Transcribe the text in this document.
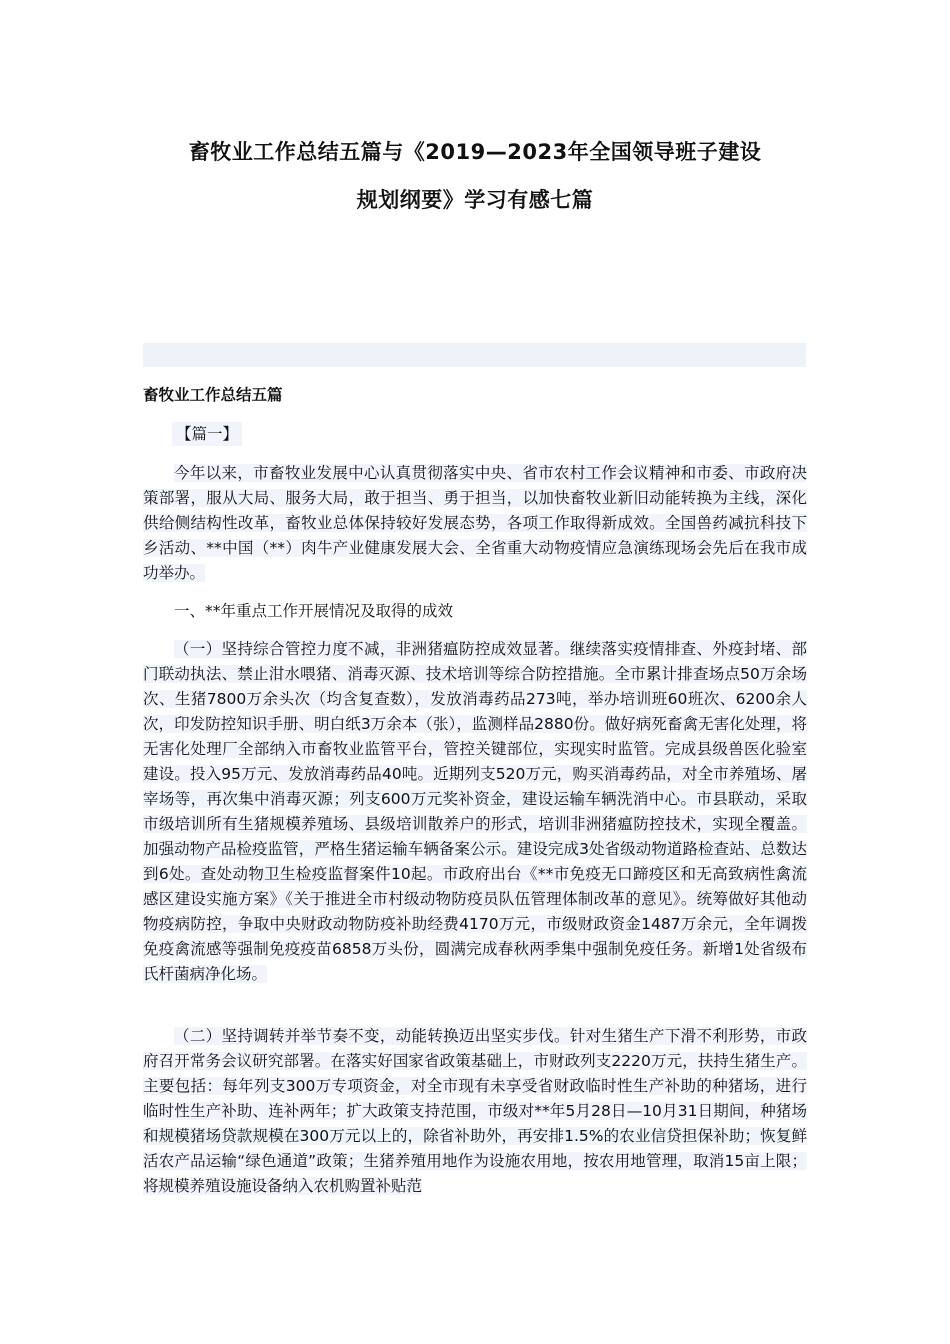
畜牧业工作总结五篇与《2019—2023年全国领导班子建设
规划纲要》学习有感七篇
畜牧业工作总结五篇

【篇一】

今年以来，市畜牧业发展中心认真贯彻落实中央、省市农村工作会议精神和市委、市政府决策部署，服从大局、服务大局，敢于担当、勇于担当，以加快畜牧业新旧动能转换为主线，深化供给侧结构性改革，畜牧业总体保持较好发展态势，各项工作取得新成效。全国兽药减抗科技下乡活动、**中国（**）肉牛产业健康发展大会、全省重大动物疫情应急演练现场会先后在我市成功举办。

一、**年重点工作开展情况及取得的成效

（一）坚持综合管控力度不减，非洲猪瘟防控成效显著。继续落实疫情排查、外疫封堵、部门联动执法、禁止泔水喂猪、消毒灭源、技术培训等综合防控措施。全市累计排查场点50万余场次、生猪7800万余头次（均含复查数），发放消毒药品273吨，举办培训班60班次、6200余人次，印发防控知识手册、明白纸3万余本（张），监测样品2880份。做好病死畜禽无害化处理，将无害化处理厂全部纳入市畜牧业监管平台，管控关键部位，实现实时监管。完成县级兽医化验室建设。投入95万元、发放消毒药品40吨。近期列支520万元，购买消毒药品，对全市养殖场、屠宰场等，再次集中消毒灭源；列支600万元奖补资金，建设运输车辆洗消中心。市县联动，采取市级培训所有生猪规模养殖场、县级培训散养户的形式，培训非洲猪瘟防控技术，实现全覆盖。加强动物产品检疫监管，严格生猪运输车辆备案公示。建设完成3处省级动物道路检查站、总数达到6处。查处动物卫生检疫监督案件10起。市政府出台《**市免疫无口蹄疫区和无高致病性禽流感区建设实施方案》《关于推进全市村级动物防疫员队伍管理体制改革的意见》。统筹做好其他动物疫病防控，争取中央财政动物防疫补助经费4170万元，市级财政资金1487万余元，全年调拨免疫禽流感等强制免疫疫苗6858万头份，圆满完成春秋两季集中强制免疫任务。新增1处省级布氏杆菌病净化场。

（二）坚持调转并举节奏不变，动能转换迈出坚实步伐。针对生猪生产下滑不利形势，市政府召开常务会议研究部署。在落实好国家省政策基础上，市财政列支2220万元，扶持生猪生产。主要包括：每年列支300万专项资金，对全市现有未享受省财政临时性生产补助的种猪场，进行临时性生产补助、连补两年；扩大政策支持范围，市级对**年5月28日—10月31日期间，种猪场和规模猪场贷款规模在300万元以上的，除省补助外，再安排1.5%的农业信贷担保补助；恢复鲜活农产品运输“绿色通道”政策；生猪养殖用地作为设施农用地，按农用地管理，取消15亩上限；将规模养殖设施设备纳入农机购置补贴范
